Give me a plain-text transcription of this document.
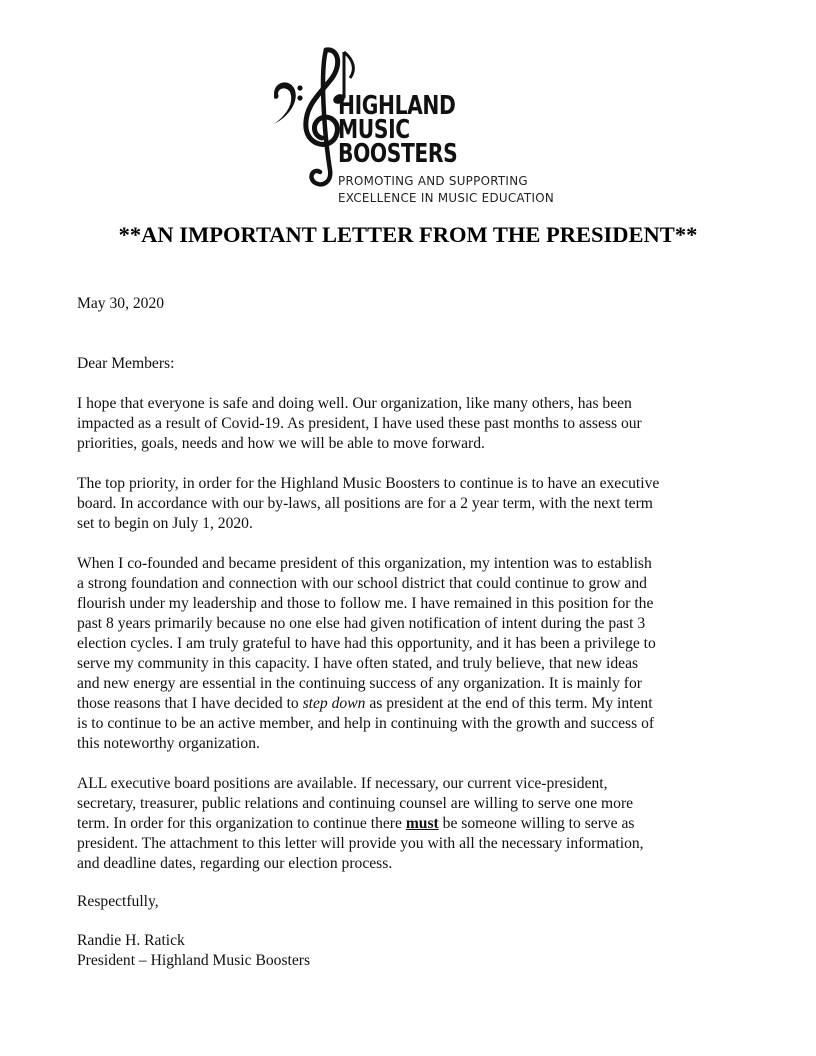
HIGHLAND
MUSIC
BOOSTERS
PROMOTING AND SUPPORTING
EXCELLENCE IN MUSIC EDUCATION
**AN IMPORTANT LETTER FROM THE PRESIDENT**
May 30, 2020
Dear Members:
I hope that everyone is safe and doing well. Our organization, like many others, has been
impacted as a result of Covid-19. As president, I have used these past months to assess our
priorities, goals, needs and how we will be able to move forward.
The top priority, in order for the Highland Music Boosters to continue is to have an executive
board. In accordance with our by-laws, all positions are for a 2 year term, with the next term
set to begin on July 1, 2020.
When I co-founded and became president of this organization, my intention was to establish
a strong foundation and connection with our school district that could continue to grow and
flourish under my leadership and those to follow me. I have remained in this position for the
past 8 years primarily because no one else had given notification of intent during the past 3
election cycles. I am truly grateful to have had this opportunity, and it has been a privilege to
serve my community in this capacity. I have often stated, and truly believe, that new ideas
and new energy are essential in the continuing success of any organization. It is mainly for
those reasons that I have decided to step down as president at the end of this term. My intent
is to continue to be an active member, and help in continuing with the growth and success of
this noteworthy organization.
ALL executive board positions are available. If necessary, our current vice-president,
secretary, treasurer, public relations and continuing counsel are willing to serve one more
term. In order for this organization to continue there must be someone willing to serve as
president. The attachment to this letter will provide you with all the necessary information,
and deadline dates, regarding our election process.
Respectfully,
Randie H. Ratick
President – Highland Music Boosters
